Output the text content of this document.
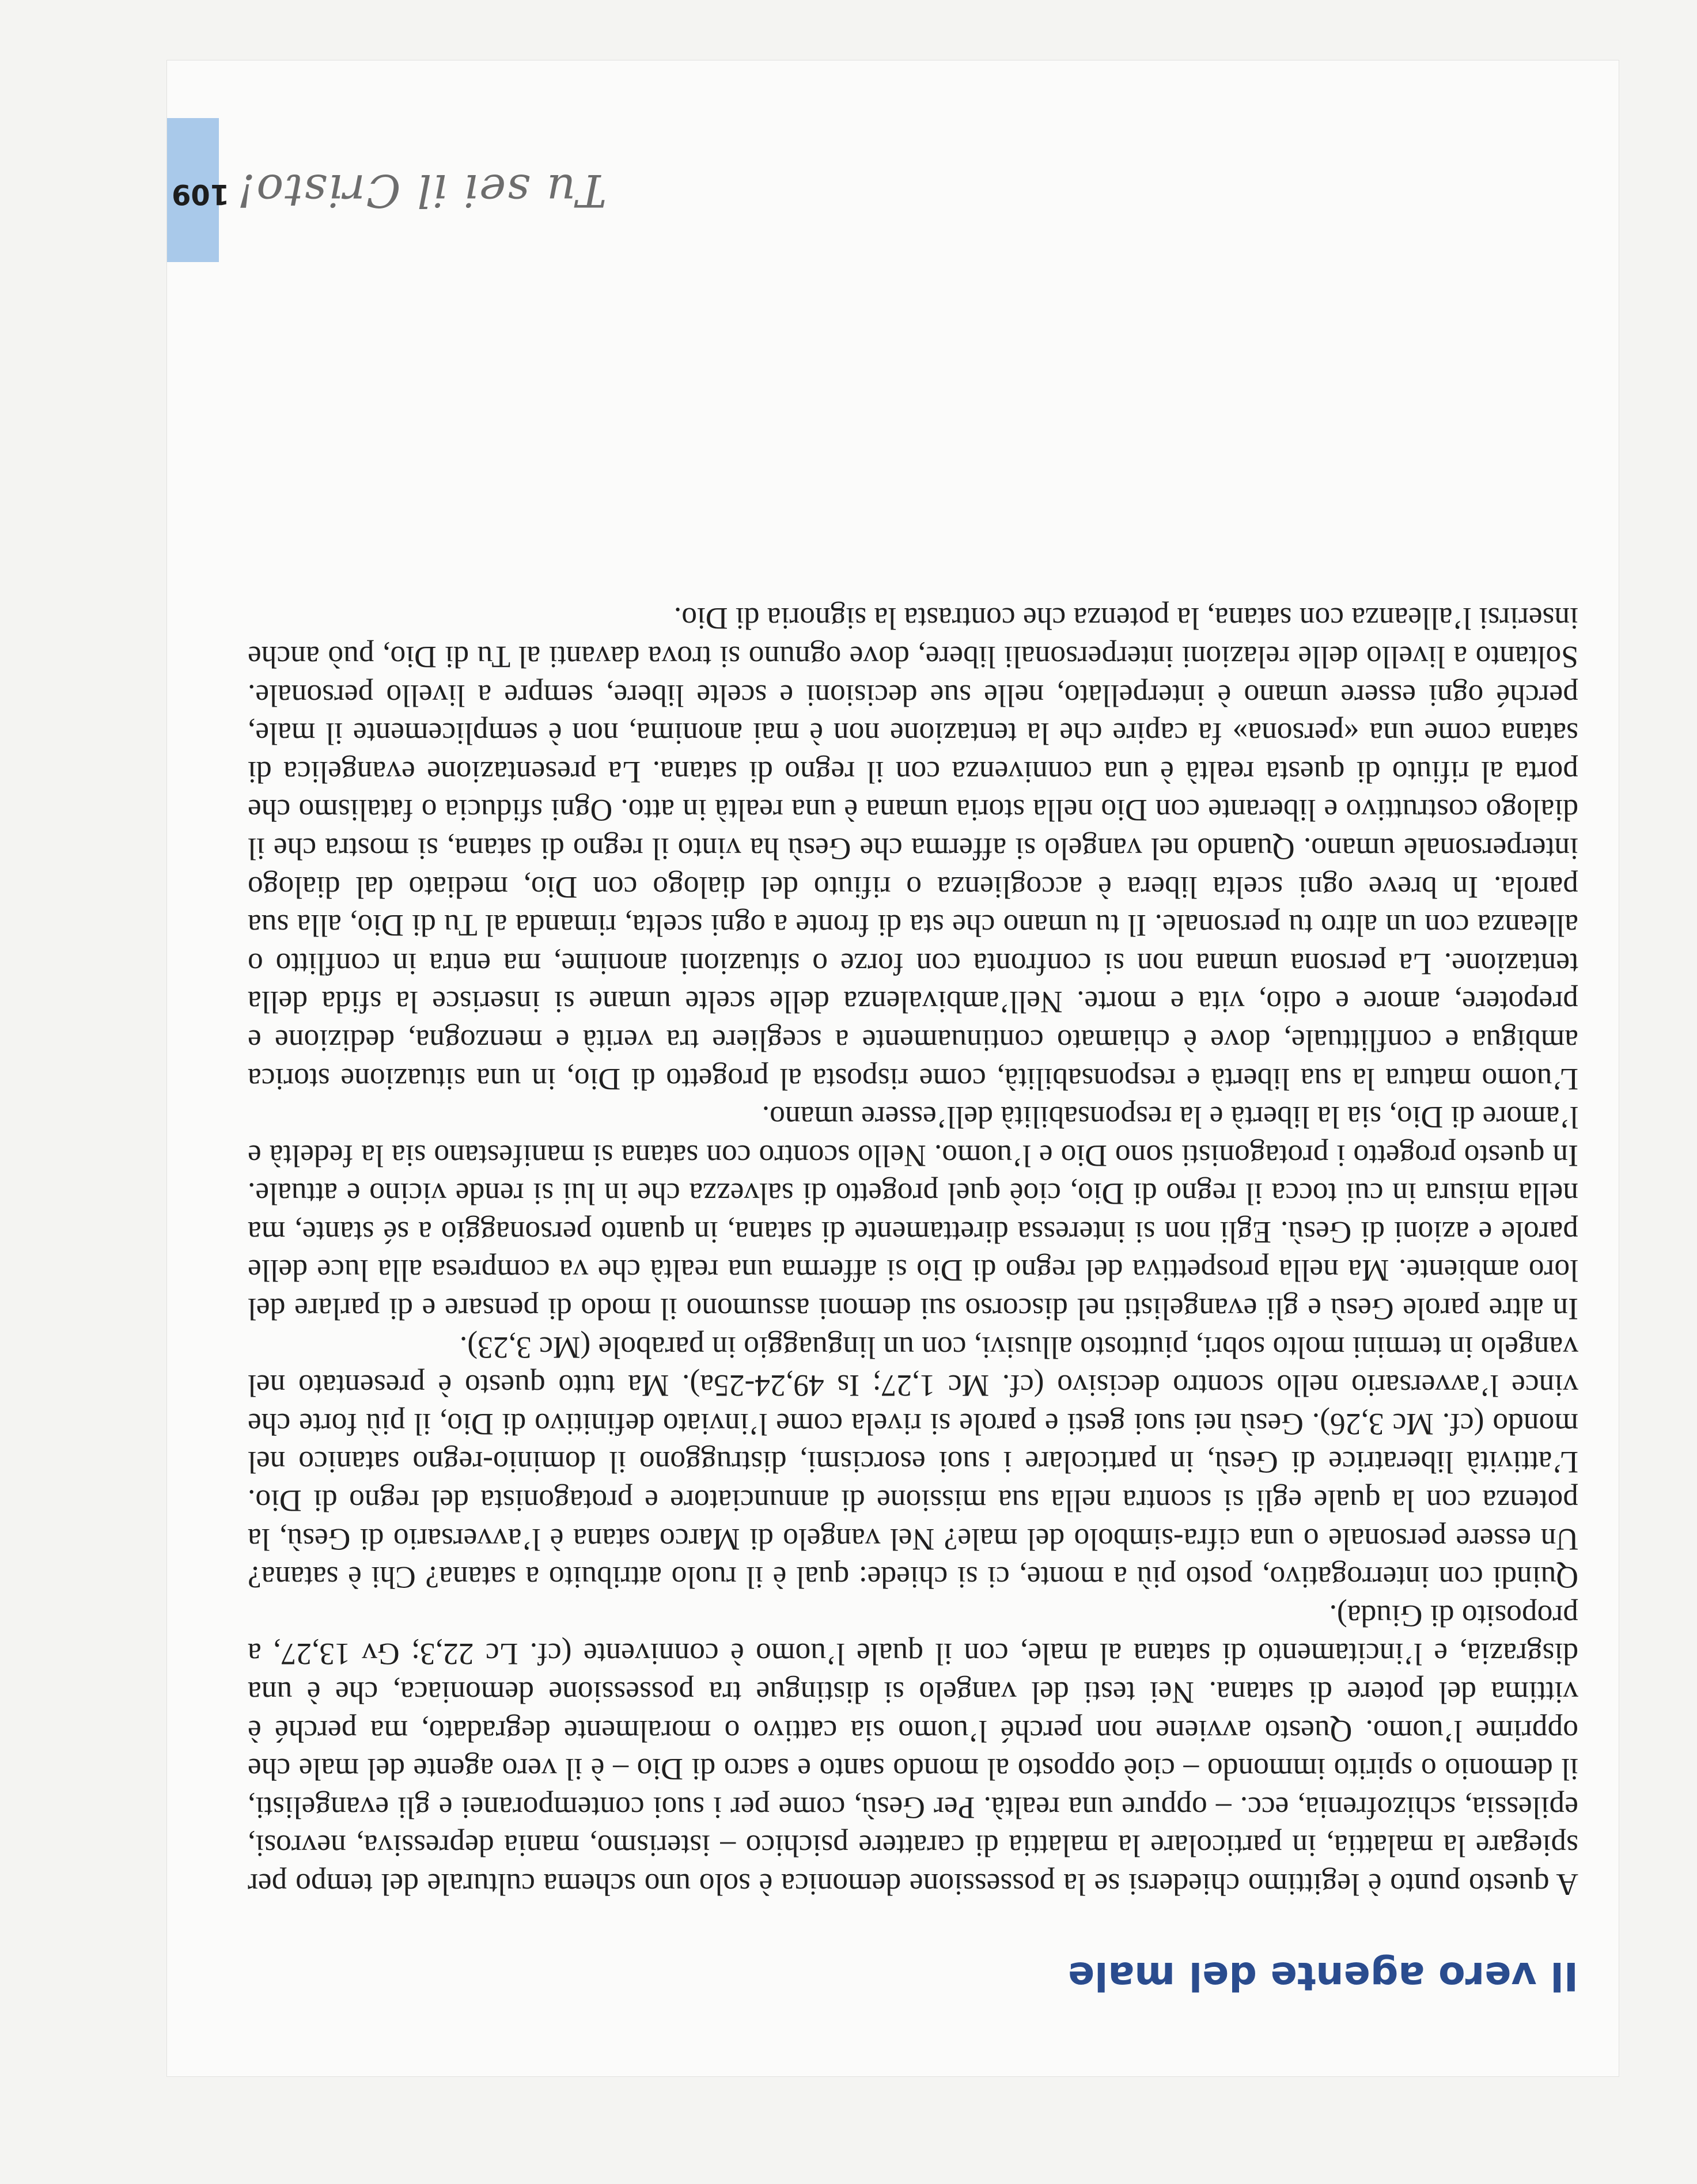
Tu sei il Cristo!
109
Il vero agente del male

A questo punto è legittimo chiedersi se la possessione demonica è solo uno schema culturale del tempo per spiegare la malattia, in particolare la malattia di carattere psichico – isterismo, mania depressiva, nevrosi, epilessia, schizofrenia, ecc. – oppure una realtà. Per Gesù, come per i suoi contemporanei e gli evangelisti, il demonio o spirito immondo – cioè opposto al mondo santo e sacro di Dio – è il vero agente del male che opprime l’uomo. Questo avviene non perché l’uomo sia cattivo o moralmente degradato, ma perché è vittima del potere di satana. Nei testi del vangelo si distingue tra possessione demoniaca, che è una disgrazia, e l’incitamento di satana al male, con il quale l’uomo è connivente (cf. Lc 22,3; Gv 13,27, a proposito di Giuda).

Quindi con interrogativo, posto più a monte, ci si chiede: qual è il ruolo attribuito a satana? Chi è satana? Un essere personale o una cifra-simbolo del male? Nel vangelo di Marco satana è l’avversario di Gesù, la potenza con la quale egli si scontra nella sua missione di annunciatore e protagonista del regno di Dio. L’attività liberatrice di Gesù, in particolare i suoi esorcismi, distruggono il dominio-regno satanico nel mondo (cf. Mc 3,26). Gesù nei suoi gesti e parole si rivela come l’inviato definitivo di Dio, il più forte che vince l’avversario nello scontro decisivo (cf. Mc 1,27; Is 49,24-25a). Ma tutto questo è presentato nel vangelo in termini molto sobri, piuttosto allusivi, con un linguaggio in parabole (Mc 3,23).

In altre parole Gesù e gli evangelisti nel discorso sui demoni assumono il modo di pensare e di parlare del loro ambiente. Ma nella prospettiva del regno di Dio si afferma una realtà che va compresa alla luce delle parole e azioni di Gesù. Egli non si interessa direttamente di satana, in quanto personaggio a sé stante, ma nella misura in cui tocca il regno di Dio, cioè quel progetto di salvezza che in lui si rende vicino e attuale. In questo progetto i protagonisti sono Dio e l’uomo. Nello scontro con satana si manifestano sia la fedeltà e l’amore di Dio, sia la libertà e la responsabilità dell’essere umano.

L’uomo matura la sua libertà e responsabilità, come risposta al progetto di Dio, in una situazione storica ambigua e conflittuale, dove è chiamato continuamente a scegliere tra verità e menzogna, dedizione e prepotere, amore e odio, vita e morte. Nell’ambivalenza delle scelte umane si inserisce la sfida della tentazione. La persona umana non si confronta con forze o situazioni anonime, ma entra in conflitto o alleanza con un altro tu personale. Il tu umano che sta di fronte a ogni scelta, rimanda al Tu di Dio, alla sua parola. In breve ogni scelta libera è accoglienza o rifiuto del dialogo con Dio, mediato dal dialogo interpersonale umano. Quando nel vangelo si afferma che Gesù ha vinto il regno di satana, si mostra che il dialogo costruttivo e liberante con Dio nella storia umana è una realtà in atto. Ogni sfiducia o fatalismo che porta al rifiuto di questa realtà è una connivenza con il regno di satana. La presentazione evangelica di satana come una «persona» fa capire che la tentazione non è mai anonima, non è semplicemente il male, perché ogni essere umano è interpellato, nelle sue decisioni e scelte libere, sempre a livello personale. Soltanto a livello delle relazioni interpersonali libere, dove ognuno si trova davanti al Tu di Dio, può anche inserirsi l’alleanza con satana, la potenza che contrasta la signoria di Dio.
